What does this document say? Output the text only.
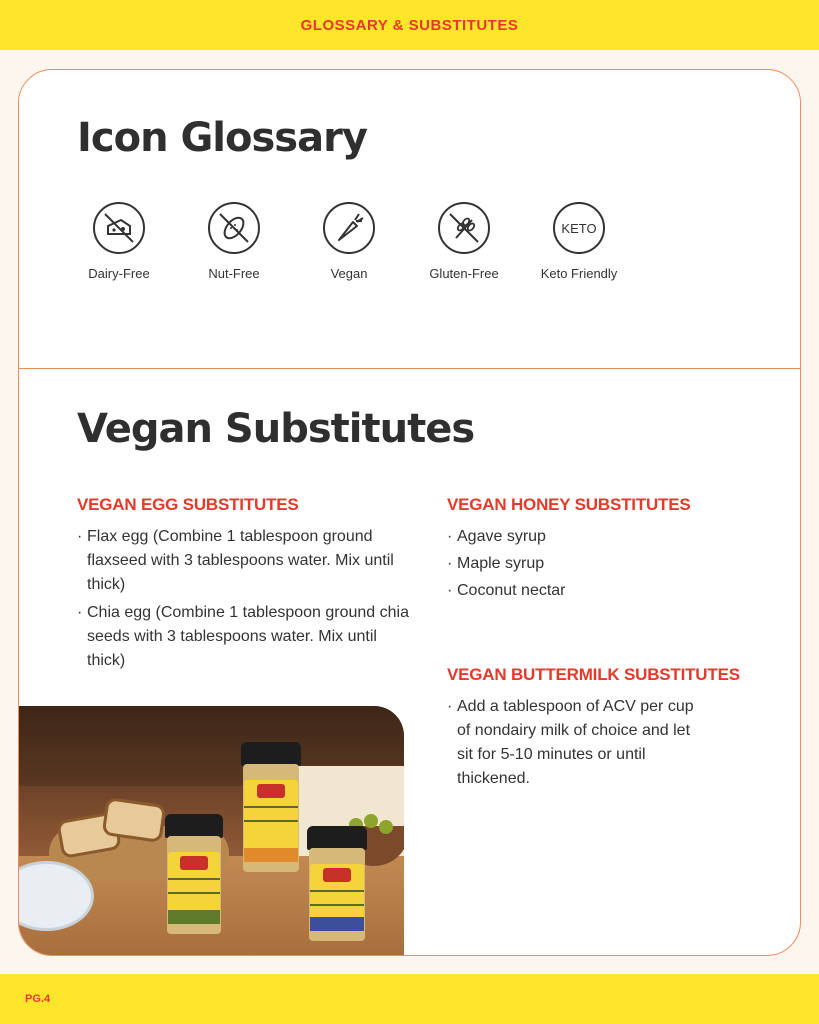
GLOSSARY & SUBSTITUTES
Icon Glossary
Dairy-Free	Nut-Free	Vegan	Gluten-Free
KETO
Keto Friendly
Vegan Substitutes
VEGAN EGG SUBSTITUTES
· Flax egg (Combine 1 tablespoon ground flaxseed with 3 tablespoons water. Mix until thick)
· Chia egg (Combine 1 tablespoon ground chia seeds with 3 tablespoons water. Mix until thick)
VEGAN HONEY SUBSTITUTES
· Agave syrup
· Maple syrup
· Coconut nectar
VEGAN BUTTERMILK SUBSTITUTES
· Add a tablespoon of ACV per cup of nondairy milk of choice and let sit for 5-10 minutes or until thickened.
PG.4
